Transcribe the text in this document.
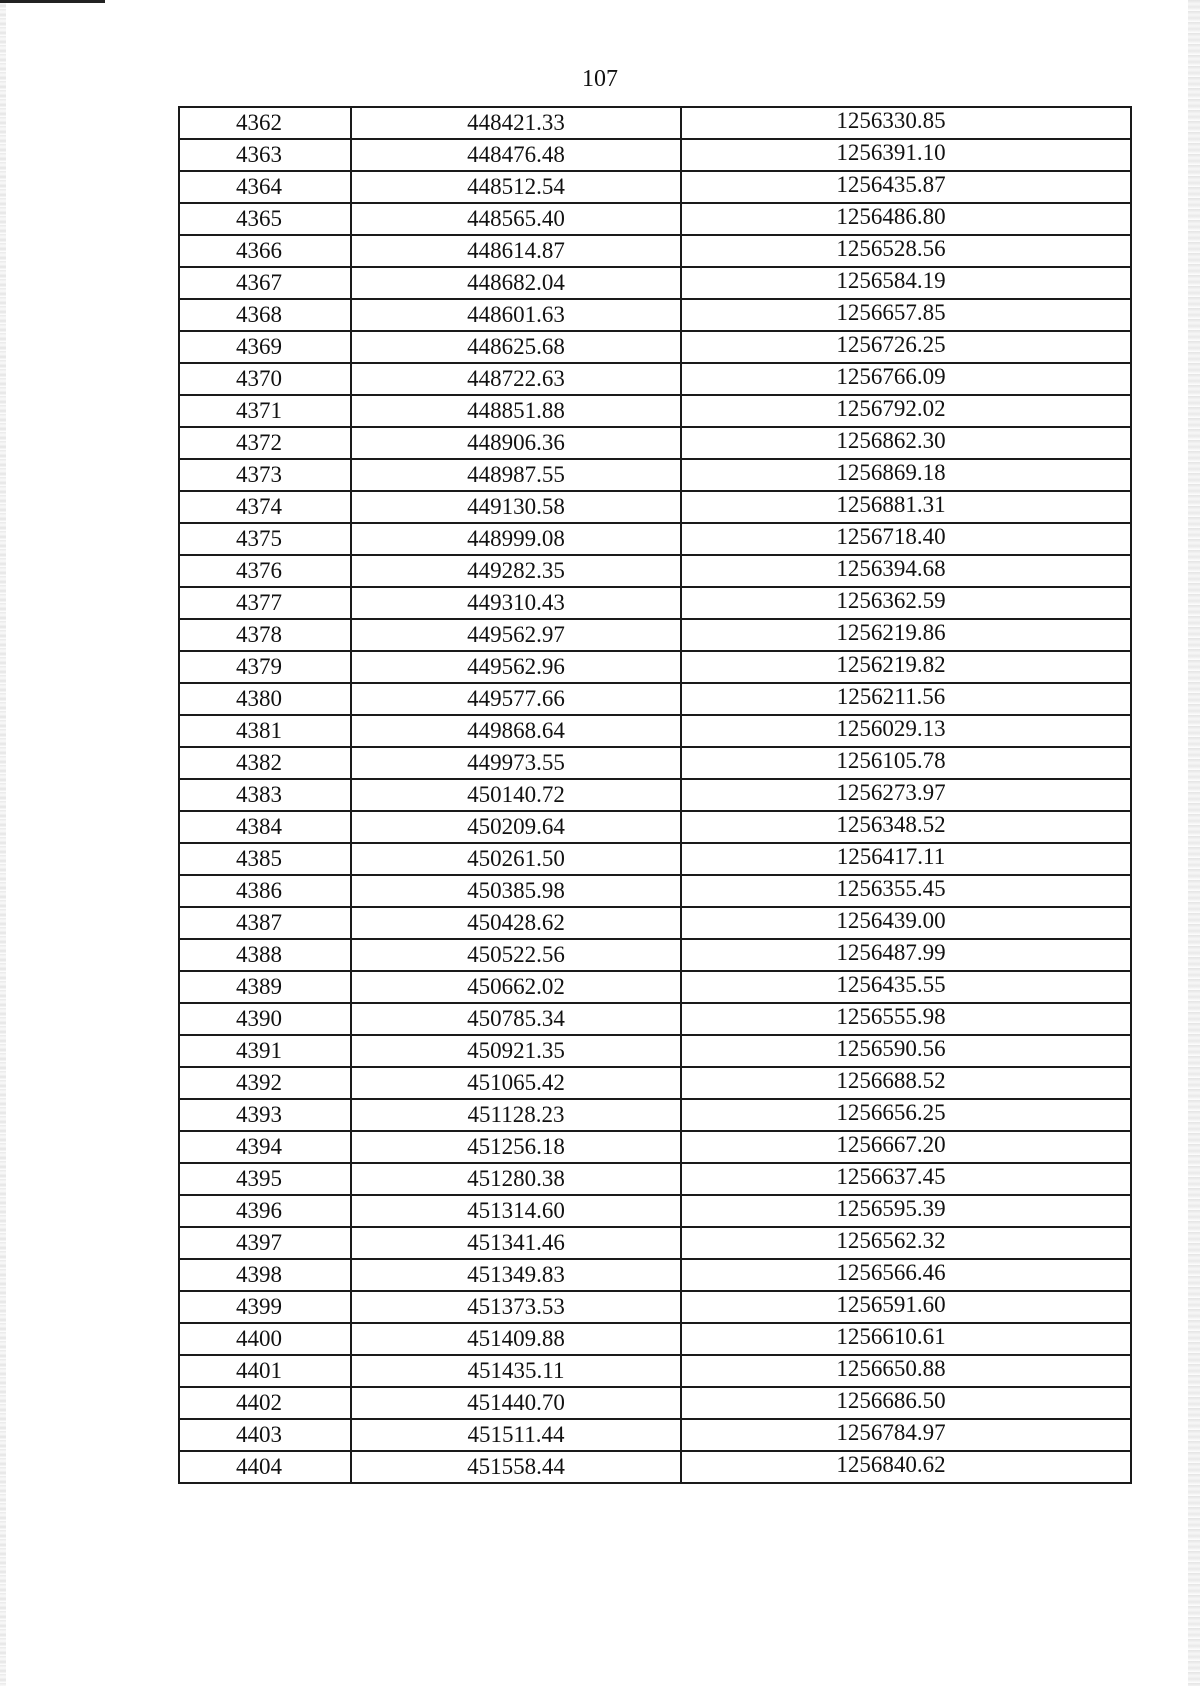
107
4362	448421.33	1256330.85
4363	448476.48	1256391.10
4364	448512.54	1256435.87
4365	448565.40	1256486.80
4366	448614.87	1256528.56
4367	448682.04	1256584.19
4368	448601.63	1256657.85
4369	448625.68	1256726.25
4370	448722.63	1256766.09
4371	448851.88	1256792.02
4372	448906.36	1256862.30
4373	448987.55	1256869.18
4374	449130.58	1256881.31
4375	448999.08	1256718.40
4376	449282.35	1256394.68
4377	449310.43	1256362.59
4378	449562.97	1256219.86
4379	449562.96	1256219.82
4380	449577.66	1256211.56
4381	449868.64	1256029.13
4382	449973.55	1256105.78
4383	450140.72	1256273.97
4384	450209.64	1256348.52
4385	450261.50	1256417.11
4386	450385.98	1256355.45
4387	450428.62	1256439.00
4388	450522.56	1256487.99
4389	450662.02	1256435.55
4390	450785.34	1256555.98
4391	450921.35	1256590.56
4392	451065.42	1256688.52
4393	451128.23	1256656.25
4394	451256.18	1256667.20
4395	451280.38	1256637.45
4396	451314.60	1256595.39
4397	451341.46	1256562.32
4398	451349.83	1256566.46
4399	451373.53	1256591.60
4400	451409.88	1256610.61
4401	451435.11	1256650.88
4402	451440.70	1256686.50
4403	451511.44	1256784.97
4404	451558.44	1256840.62
